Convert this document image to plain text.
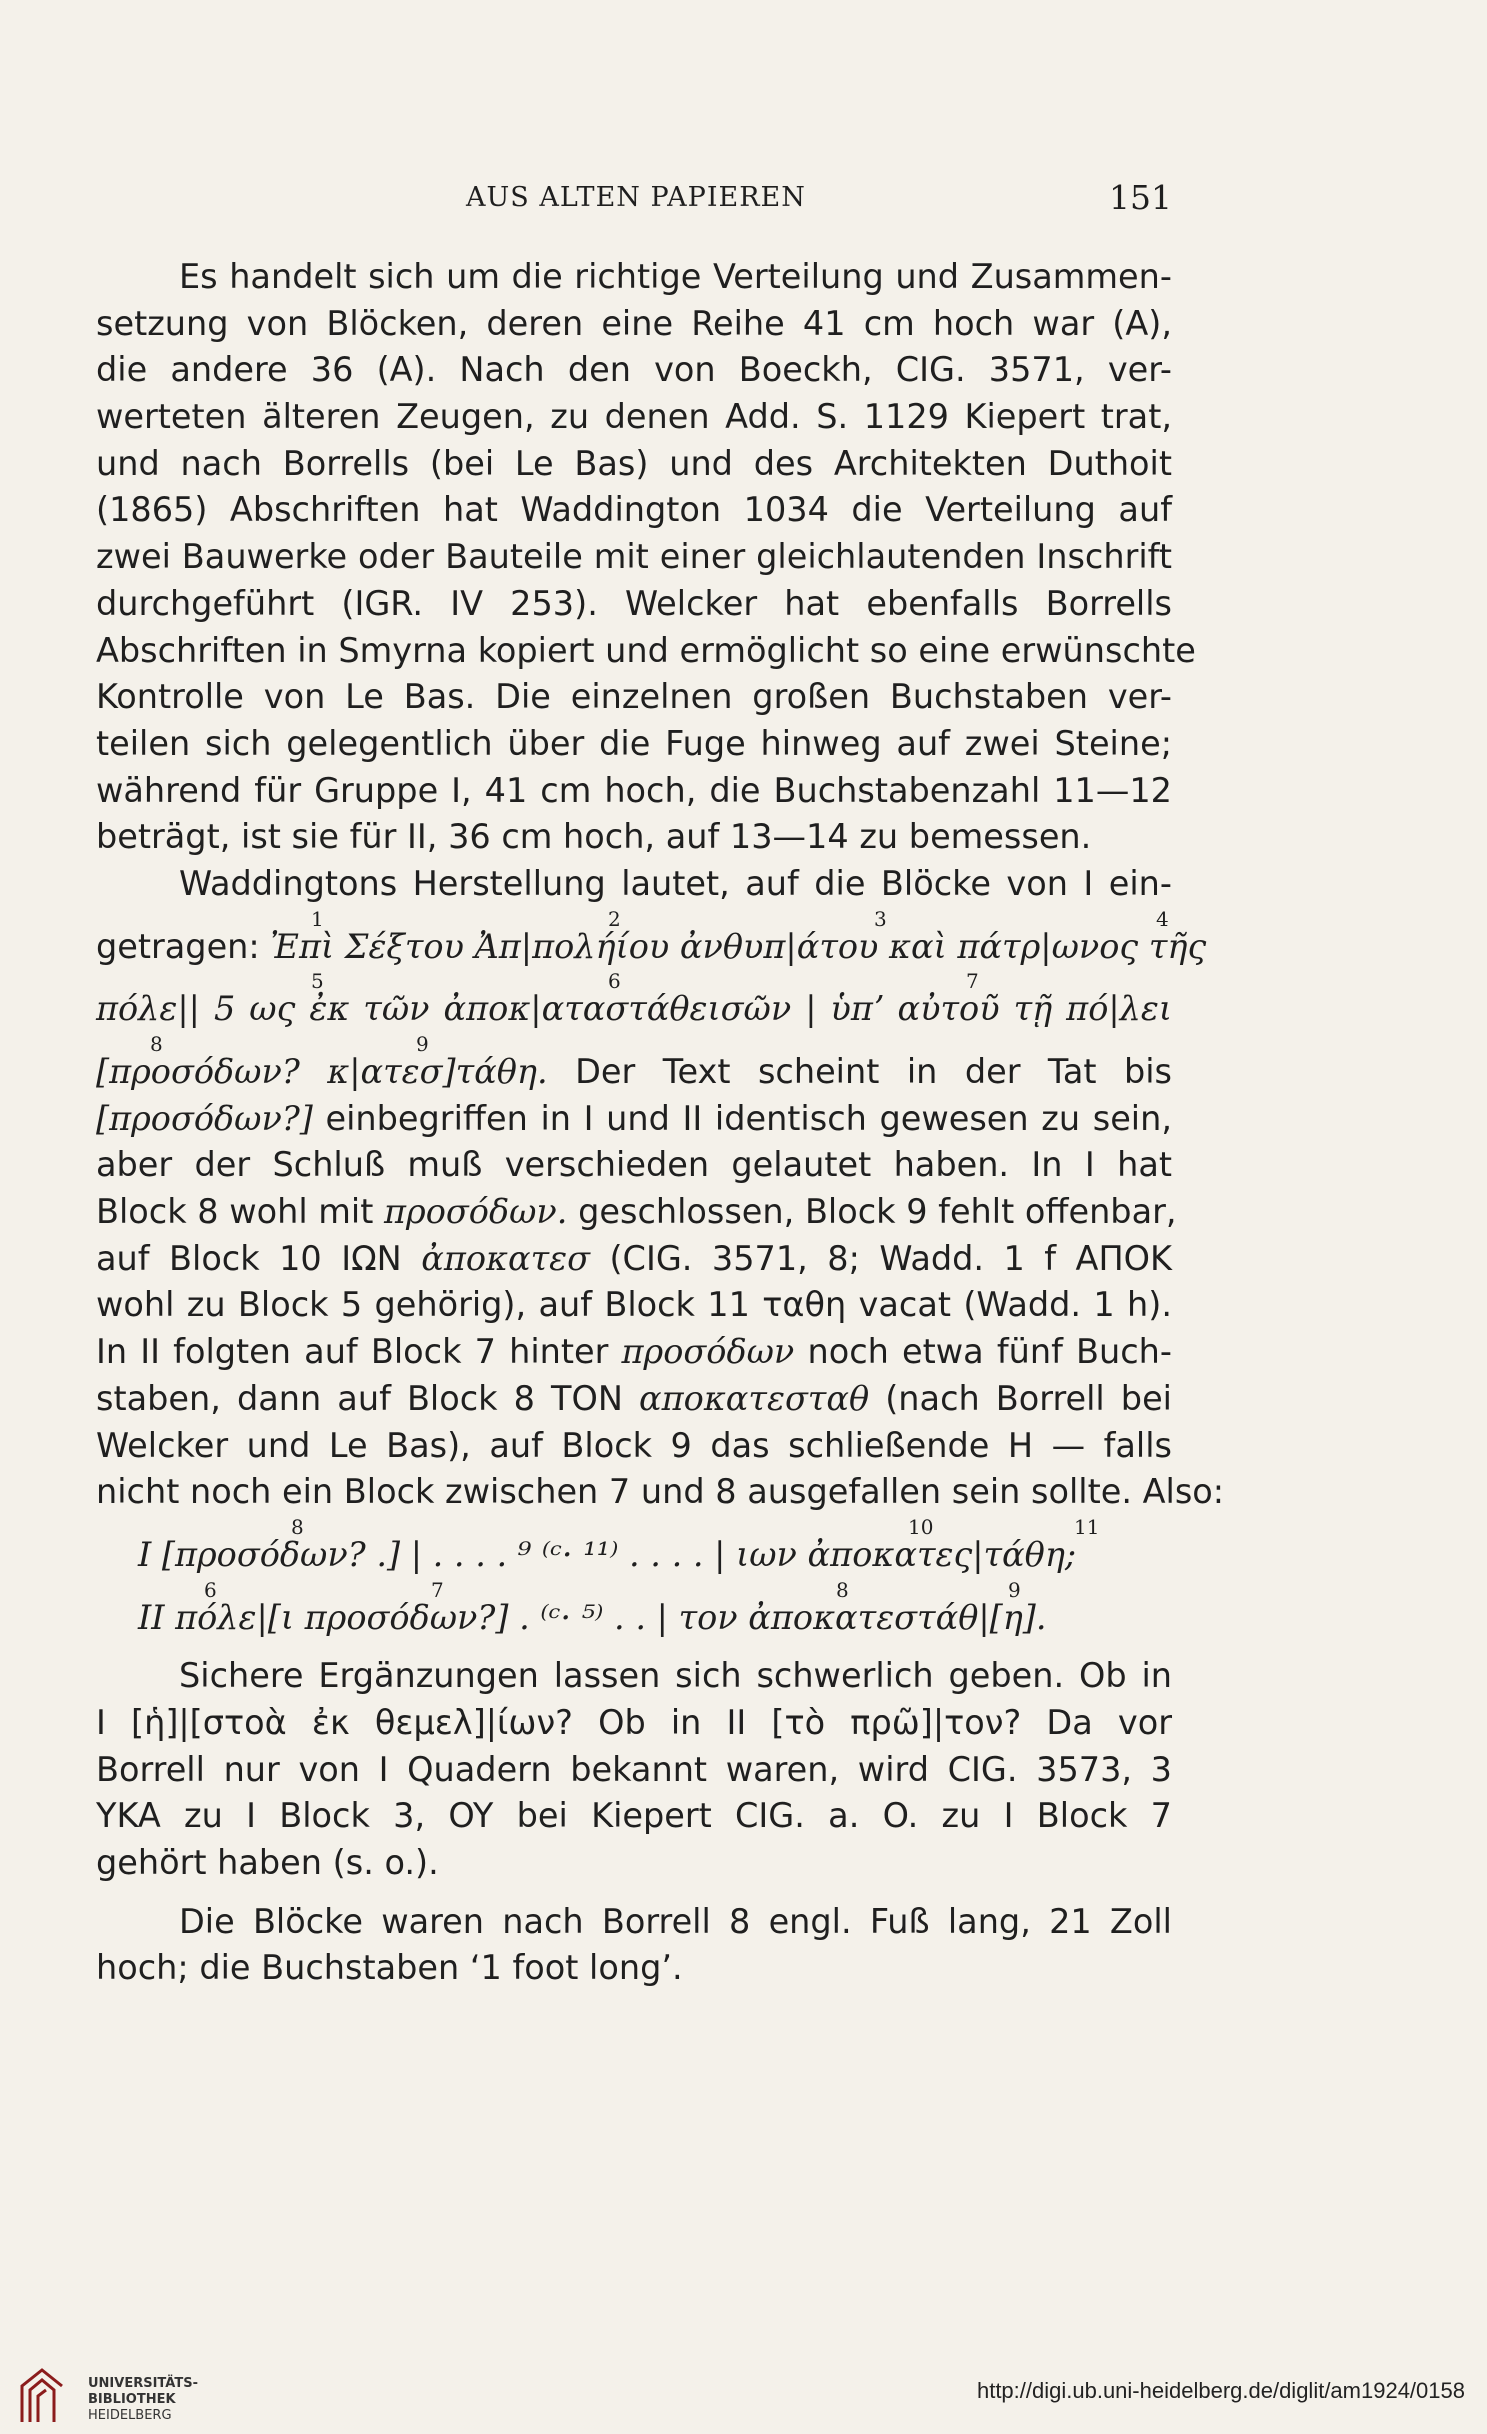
AUS ALTEN PAPIEREN	151
Es handelt sich um die richtige Verteilung und Zusammen-
setzung von Blöcken, deren eine Reihe 41 cm hoch war (A),
die andere 36 (A). Nach den von Boeckh, CIG. 3571, ver-
werteten älteren Zeugen, zu denen Add. S. 1129 Kiepert trat,
und nach Borrells (bei Le Bas) und des Architekten Duthoit
(1865) Abschriften hat Waddington 1034 die Verteilung auf
zwei Bauwerke oder Bauteile mit einer gleichlautenden Inschrift
durchgeführt (IGR. IV 253). Welcker hat ebenfalls Borrells
Abschriften in Smyrna kopiert und ermöglicht so eine erwünschte
Kontrolle von Le Bas. Die einzelnen großen Buchstaben ver-
teilen sich gelegentlich über die Fuge hinweg auf zwei Steine;
während für Gruppe I, 41 cm hoch, die Buchstabenzahl 11—12
beträgt, ist sie für II, 36 cm hoch, auf 13—14 zu bemessen.
Waddingtons Herstellung lautet, auf die Blöcke von I ein-

1

	2

	3

	4

getragen: Ἐπὶ Σέξτου Ἀπ|πολήίου ἀνθυπ|άτου καὶ πάτρ|ωνος τῆς

5

	6

	7

πόλε|| 5 ως ἐκ τῶν ἀποκ|αταστάθεισῶν | ὑπʼ αὐτοῦ τῇ πό|λει

8

	9

[προσόδων? κ|ατεσ]τάθη. Der Text scheint in der Tat bis
[προσόδων?] einbegriffen in I und II identisch gewesen zu sein,
aber der Schluß muß verschieden gelautet haben. In I hat
Block 8 wohl mit προσόδων. geschlossen, Block 9 fehlt offenbar,
auf Block 10 ΙΩΝ ἀποκατεσ (CIG. 3571, 8; Wadd. 1 f ΑΠΟΚ
wohl zu Block 5 gehörig), auf Block 11 ταθη vacat (Wadd. 1 h).
In II folgten auf Block 7 hinter προσόδων noch etwa fünf Buch-
staben, dann auf Block 8 TON αποκατεσταθ (nach Borrell bei
Welcker und Le Bas), auf Block 9 das schließende H — falls
nicht noch ein Block zwischen 7 und 8 ausgefallen sein sollte. Also:

8

	10

	11

I [προσόδων? .] | . . . . ⁹ ⁽ᶜ· ¹¹⁾ . . . . | ιων ἀποκατες|τάθη;

6

	7

	8

	9

II πόλε|[ι προσόδων?] . ⁽ᶜ· ⁵⁾ . . | τον ἀποκατεστάθ|[η].
Sichere Ergänzungen lassen sich schwerlich geben. Ob in
I [ἡ]|[στοὰ ἐκ θεμελ]|ίων? Ob in II [τὸ πρῶ]|τον? Da vor
Borrell nur von I Quadern bekannt waren, wird CIG. 3573, 3
YKA zu I Block 3, OY bei Kiepert CIG. a. O. zu I Block 7
gehört haben (s. o.).
Die Blöcke waren nach Borrell 8 engl. Fuß lang, 21 Zoll
hoch; die Buchstaben ‘1 foot long’.
UNIVERSITÄTS-
BIBLIOTHEK
HEIDELBERG
http://digi.ub.uni-heidelberg.de/diglit/am1924/0158
